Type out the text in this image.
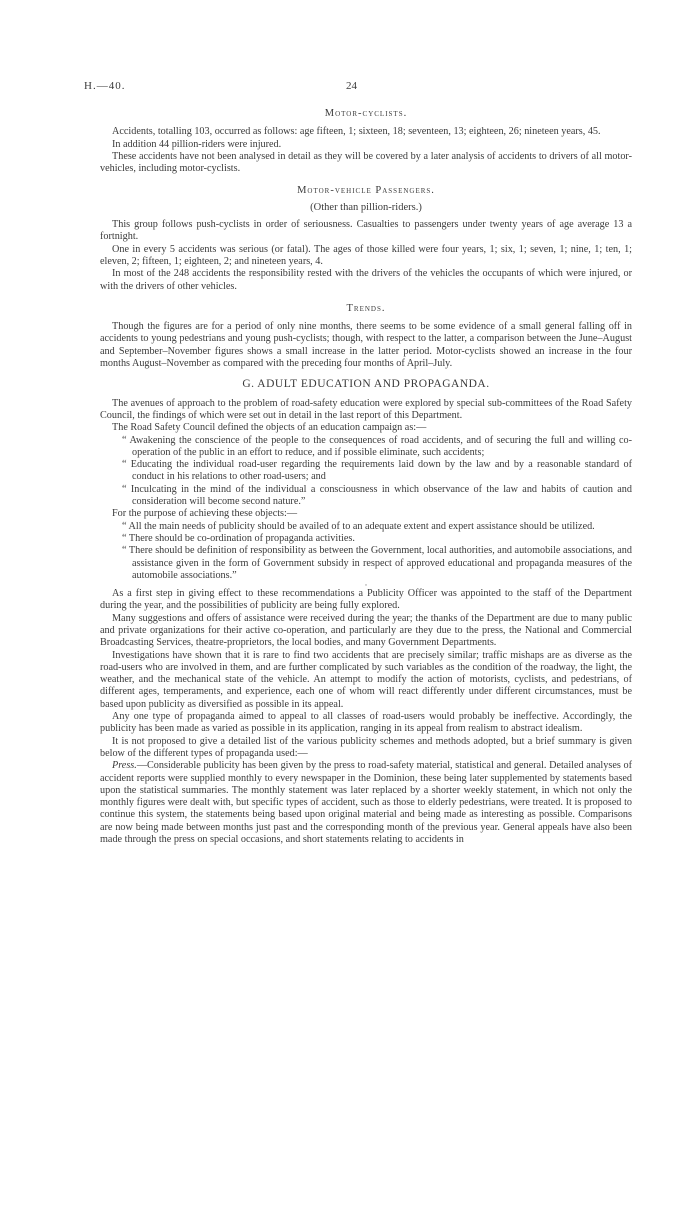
H.—40.	24
Motor-cyclists.

Accidents, totalling 103, occurred as follows: age fifteen, 1; sixteen, 18; seventeen, 13; eighteen, 26; nineteen years, 45.

In addition 44 pillion-riders were injured.

These accidents have not been analysed in detail as they will be covered by a later analysis of accidents to drivers of all motor-vehicles, including motor-cyclists.

Motor-vehicle Passengers.
(Other than pillion-riders.)

This group follows push-cyclists in order of seriousness. Casualties to passengers under twenty years of age average 13 a fortnight.

One in every 5 accidents was serious (or fatal). The ages of those killed were four years, 1; six, 1; seven, 1; nine, 1; ten, 1; eleven, 2; fifteen, 1; eighteen, 2; and nineteen years, 4.

In most of the 248 accidents the responsibility rested with the drivers of the vehicles the occupants of which were injured, or with the drivers of other vehicles.

Trends.

Though the figures are for a period of only nine months, there seems to be some evidence of a small general falling off in accidents to young pedestrians and young push-cyclists; though, with respect to the latter, a comparison between the June–August and September–November figures shows a small increase in the latter period. Motor-cyclists showed an increase in the four months August–November as compared with the preceding four months of April–July.

G. ADULT EDUCATION AND PROPAGANDA.

The avenues of approach to the problem of road-safety education were explored by special sub-committees of the Road Safety Council, the findings of which were set out in detail in the last report of this Department.

The Road Safety Council defined the objects of an education campaign as:—

“ Awakening the conscience of the people to the consequences of road accidents, and of securing the full and willing co-operation of the public in an effort to reduce, and if possible eliminate, such accidents;

“ Educating the individual road-user regarding the requirements laid down by the law and by a reasonable standard of conduct in his relations to other road-users; and

“ Inculcating in the mind of the individual a consciousness in which observance of the law and habits of caution and consideration will become second nature.”

For the purpose of achieving these objects:—

“ All the main needs of publicity should be availed of to an adequate extent and expert assistance should be utilized.

“ There should be co-ordination of propaganda activities.

“ There should be definition of responsibility as between the Government, local authorities, and automobile associations, and assistance given in the form of Government subsidy in respect of approved educational and propaganda measures of the automobile associations.”

·

As a first step in giving effect to these recommendations a Publicity Officer was appointed to the staff of the Department during the year, and the possibilities of publicity are being fully explored.

Many suggestions and offers of assistance were received during the year; the thanks of the Department are due to many public and private organizations for their active co-operation, and particularly are they due to the press, the National and Commercial Broadcasting Services, theatre-proprietors, the local bodies, and many Government Departments.

Investigations have shown that it is rare to find two accidents that are precisely similar; traffic mishaps are as diverse as the road-users who are involved in them, and are further complicated by such variables as the condition of the roadway, the light, the weather, and the mechanical state of the vehicle. An attempt to modify the action of motorists, cyclists, and pedestrians, of different ages, temperaments, and experience, each one of whom will react differently under different circumstances, must be based upon publicity as diversified as possible in its appeal.

Any one type of propaganda aimed to appeal to all classes of road-users would probably be ineffective. Accordingly, the publicity has been made as varied as possible in its application, ranging in its appeal from realism to abstract idealism.

It is not proposed to give a detailed list of the various publicity schemes and methods adopted, but a brief summary is given below of the different types of propaganda used:—

Press.—Considerable publicity has been given by the press to road-safety material, statistical and general. Detailed analyses of accident reports were supplied monthly to every newspaper in the Dominion, these being later supplemented by statements based upon the statistical summaries. The monthly statement was later replaced by a shorter weekly statement, in which not only the monthly figures were dealt with, but specific types of accident, such as those to elderly pedestrians, were treated. It is proposed to continue this system, the statements being based upon original material and being made as interesting as possible. Comparisons are now being made between months just past and the corresponding month of the previous year. General appeals have also been made through the press on special occasions, and short statements relating to accidents in
